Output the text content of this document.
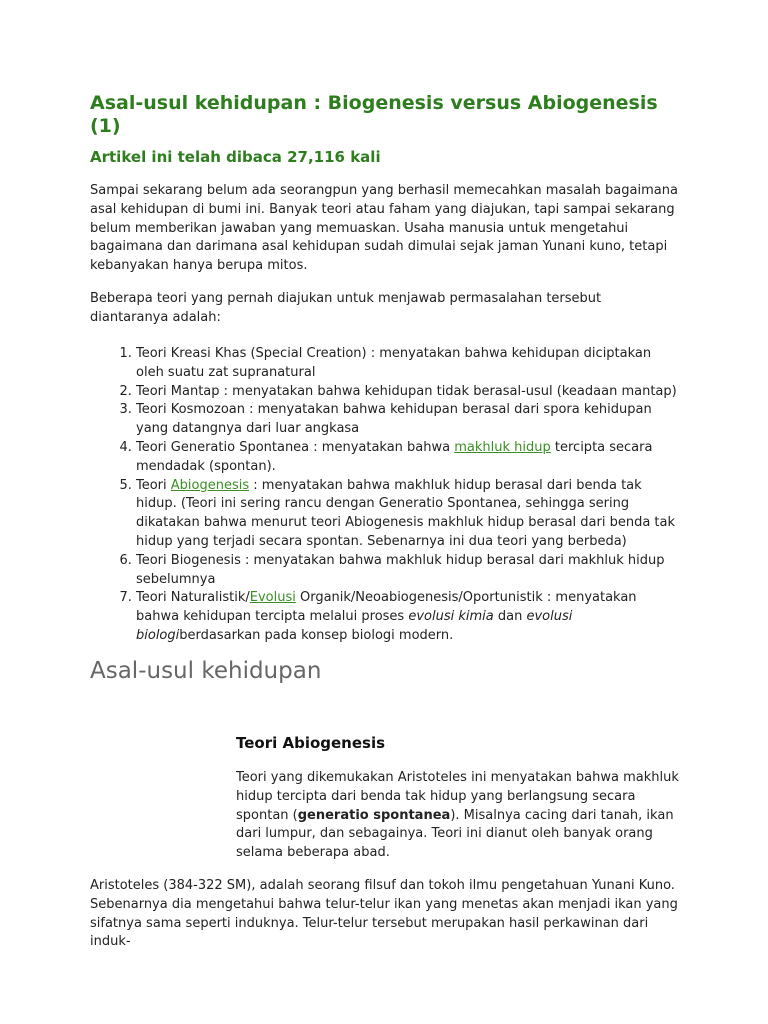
Asal-usul kehidupan : Biogenesis versus Abiogenesis (1)
Artikel ini telah dibaca 27,116 kali

Sampai sekarang belum ada seorangpun yang berhasil memecahkan masalah bagaimana asal kehidupan di bumi ini. Banyak teori atau faham yang diajukan, tapi sampai sekarang belum memberikan jawaban yang memuaskan. Usaha manusia untuk mengetahui bagaimana dan darimana asal kehidupan sudah dimulai sejak jaman Yunani kuno, tetapi kebanyakan hanya berupa mitos.

Beberapa teori yang pernah diajukan untuk menjawab permasalahan tersebut diantaranya adalah:

1. Teori Kreasi Khas (Special Creation) : menyatakan bahwa kehidupan diciptakan oleh suatu zat supranatural
2. Teori Mantap : menyatakan bahwa kehidupan tidak berasal-usul (keadaan mantap)
3. Teori Kosmozoan : menyatakan bahwa kehidupan berasal dari spora kehidupan yang datangnya dari luar angkasa
4. Teori Generatio Spontanea : menyatakan bahwa makhluk hidup tercipta secara mendadak (spontan).
5. Teori Abiogenesis : menyatakan bahwa makhluk hidup berasal dari benda tak hidup. (Teori ini sering rancu dengan Generatio Spontanea, sehingga sering dikatakan bahwa menurut teori Abiogenesis makhluk hidup berasal dari benda tak hidup yang terjadi secara spontan. Sebenarnya ini dua teori yang berbeda)
6. Teori Biogenesis : menyatakan bahwa makhluk hidup berasal dari makhluk hidup sebelumnya
7. Teori Naturalistik/Evolusi Organik/Neoabiogenesis/Oportunistik : menyatakan bahwa kehidupan tercipta melalui proses evolusi kimia dan evolusi biologiberdasarkan pada konsep biologi modern.
Asal-usul kehidupan
Teori Abiogenesis

Teori yang dikemukakan Aristoteles ini menyatakan bahwa makhluk hidup tercipta dari benda tak hidup yang berlangsung secara spontan (generatio spontanea). Misalnya cacing dari tanah, ikan dari lumpur, dan sebagainya. Teori ini dianut oleh banyak orang selama beberapa abad.

Aristoteles (384-322 SM), adalah seorang filsuf dan tokoh ilmu pengetahuan Yunani Kuno. Sebenarnya dia mengetahui bahwa telur-telur ikan yang menetas akan menjadi ikan yang sifatnya sama seperti induknya. Telur-telur tersebut merupakan hasil perkawinan dari induk-
